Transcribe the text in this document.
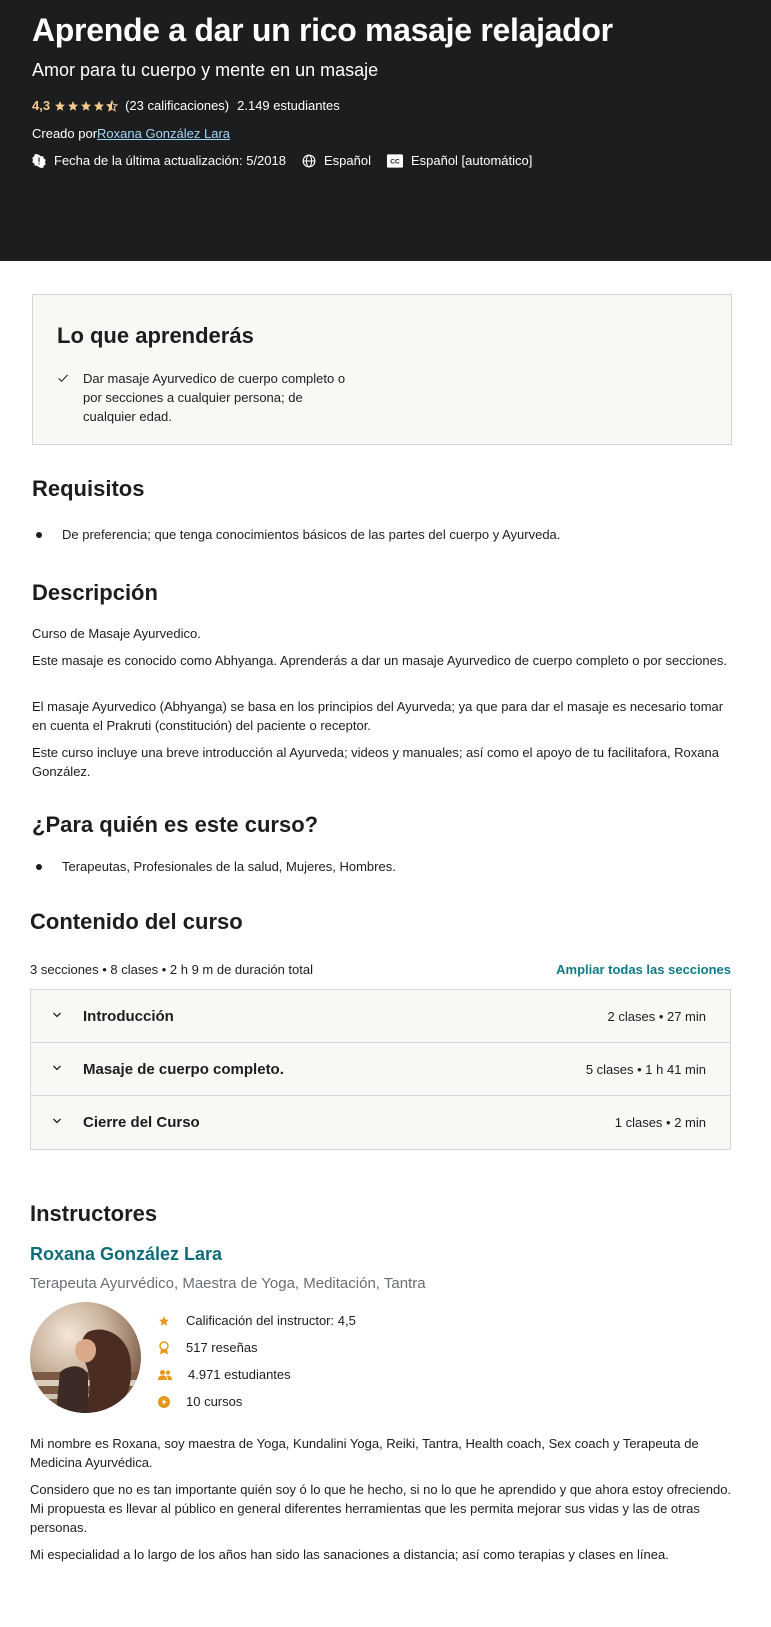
Aprende a dar un rico masaje relajador
Amor para tu cuerpo y mente en un masaje
4,3	(23 calificaciones) 2.149 estudiantes
Creado porRoxana González Lara
Fecha de la última actualización: 5/2018	Español CC Español [automático]
Lo que aprenderás
Dar masaje Ayurvedico de cuerpo completo o por secciones a cualquier persona; de cualquier edad.
Requisitos
De preferencia; que tenga conocimientos básicos de las partes del cuerpo y Ayurveda.
Descripción

Curso de Masaje Ayurvedico.

Este masaje es conocido como Abhyanga. Aprenderás a dar un masaje Ayurvedico de cuerpo completo o por secciones.

El masaje Ayurvedico (Abhyanga) se basa en los principios del Ayurveda; ya que para dar el masaje es necesario tomar en cuenta el Prakruti (constitución) del paciente o receptor.

Este curso incluye una breve introducción al Ayurveda; videos y manuales; así como el apoyo de tu facilitafora, Roxana González.

¿Para quién es este curso?
Terapeutas, Profesionales de la salud, Mujeres, Hombres.
Contenido del curso
3 secciones • 8 clases • 2 h 9 m de duración total	Ampliar todas las secciones
Introducción	2 clases • 27 min
Masaje de cuerpo completo.	5 clases • 1 h 41 min
Cierre del Curso	1 clases • 2 min
Instructores
Roxana González Lara
Terapeuta Ayurvédico, Maestra de Yoga, Meditación, Tantra
Calificación del instructor: 4,5
517 reseñas
4.971 estudiantes
10 cursos

Mi nombre es Roxana, soy maestra de Yoga, Kundalini Yoga, Reiki, Tantra, Health coach, Sex coach y Terapeuta de Medicina Ayurvédica.

Considero que no es tan importante quién soy ó lo que he hecho, si no lo que he aprendido y que ahora estoy ofreciendo. Mi propuesta es llevar al público en general diferentes herramientas que les permita mejorar sus vidas y las de otras personas.

Mi especialidad a lo largo de los años han sido las sanaciones a distancia; así como terapias y clases en línea.
